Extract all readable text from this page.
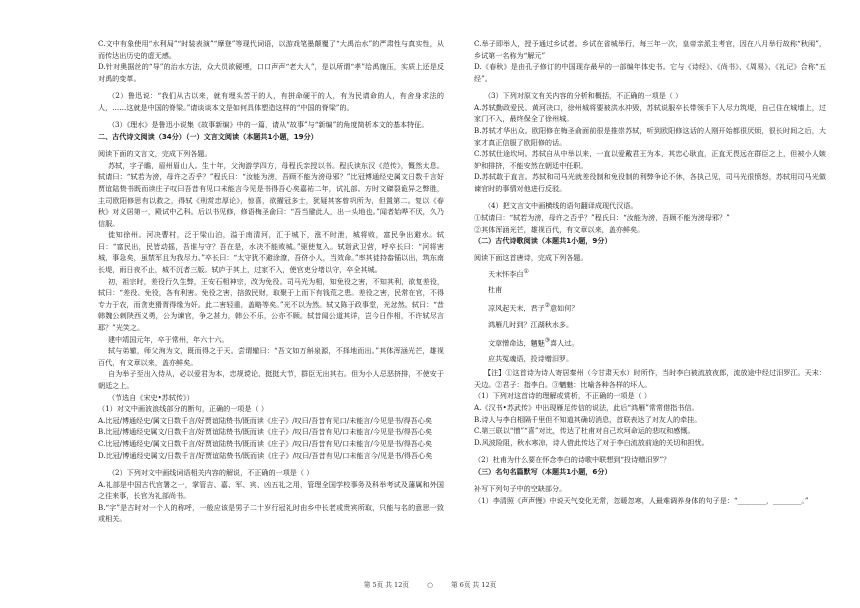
C.文中有象使用“水利局”“时装表演”“摩登”等现代词语，以游戏笔墨颠覆了“大禹治水”的严肃性与真实性，从而传达出历史的虚无感。

D.针对奥据丝的“导”的治水方法，众大员欲硬堙，口口声声“老大人”，是以所谓“孝”给禹施压，实质上还是反对禹的变革。

（2）鲁迅说：“我们从古以来，就有埋头苦干的人，有拼命硬干的人，有为民请命的人，有舍身求法的人，……这就是中国的脊梁。”请谈谈本文是如何具体塑造这样的“中国的脊梁”的。

（3）《理水》是鲁迅小说集《故事新编》中的一篇，请从“故事”与“新编”的角度简析本文的基本特征。

二、古代诗文阅读（34分）（一）文言文阅读（本题共1小题，19分）

阅读下面的文言文，完成下列各题。

苏轼，字子瞻，眉州眉山人。生十年，父洵游学四方，母程氏亲授以书。程氏读东汉《范传》，慨然太息。轼请曰：“轼若为滂，母许之否乎？”程氏曰：“汝能为滂，吾顾不能为滂母邪？”比冠博通经史属文日数千言好贾谊陆贽书既而读庄子叹曰吾昔有见口未能言今见是书得吾心矣嘉祐二年，试礼部。方时文磔裂诡异之弊胜，主司欧阳修思有以救之，得轼《刑赏忠厚论》，惊喜，欲擢冠多士，犹疑其客曾巩所为，但置第二。复以《春秋》对义居第一，殿试中乙科。后以书见修，修语梅圣俞曰：“吾当避此人，出一头地也。”闻者始哗不厌，久乃信服。

徙知徐州。河决曹村，泛于梁山泊，溢于南清河，汇于城下，涨不时泄，城将败，富民争出避水。轼曰：“富民出，民皆动摇，吾谁与守？吾在是，水决不能败城。”驱使复入。轼诣武卫营，呼卒长曰：“河将害城，事急矣，虽禁军且为我尽力。”卒长曰：“太守犹不避涂潦，吾侪小人，当效命。”率其徒持畚锸以出，筑东南长堤，雨日夜不止，城不沉者三版。轼庐于其上，过家不入，使官吏分堵以守，卒全其城。

初，祖宗时，差役行久生弊，王安石相神宗，改为免役。司马光为相，知免役之害，不知其利，欲复差役，轼曰：“差役、免役，各有利害。免役之害，掊敛民财，取聚于上而下有钱荒之患。差役之害，民常在官，不得专力于农，而贪吏猾胥得缘为奸。此二害轻重，盖略等矣。”光不以为然。轼又陈于政事堂，光忿然。轼曰：“昔韩魏公刺陕西义勇，公为谏官，争之甚力，韩公不乐，公亦不顾。轼昔闻公道其详，岂今日作相，不许轼尽言耶？”光笑之。

建中靖国元年，卒于常州，年六十六。

轼与弟辙，师父洵为文，既而得之于天。尝谓辙曰：“吾文如万斛泉源，不择地而出。”其体浑涵光芒，雄视百代，有文章以来，盖亦鲜矣。

自为举子至出入侍从，必以爱君为本，忠规谠论，挺挺大节，群臣无出其右。但为小人忌恶挤排，不使安于朝廷之上。

（节选自《宋史•苏轼传》）

（1）对文中画波浪线部分的断句，正确的一项是（ ）

A.比冠/博通经史/属文日数千言/好贾谊陆贽书/既而读《庄子》/叹曰/吾昔有见口/未能言/今见是书/得吾心矣

B.比冠/博通经史属文/日数千言/好贾谊陆贽书/既而读《庄子》/叹曰/吾昔有见/口未能言/今见是书/得吾心矣

C.比冠/博通经史/属文日数千言/好贾谊陆贽书/既而读《庄子》/叹曰/吾昔有见/口未能言/今见是书/得吾心矣

D.比冠/博通经史属文/日数千言/好贾谊陆贽书/既而读《庄子》/叹曰/吾昔有见/口未能言今/见是书/得吾心矣

（2）下列对文中画线词语相关内容的解说，不正确的一项是（ ）

A.礼部是中国古代官署之一，掌管吉、嘉、军、宾、凶五礼之用，管理全国学校事务及科举考试及藩属和外国之往来事，长官为礼部尚书。

B.“字”是古时对一个人的称呼，一般应该是男子二十岁行冠礼时由乡中长老或贵宾所取，只能与名的意思一致或相关。

C.举子即举人，授予通过乡试者。乡试在省城举行，每三年一次，皇帝亲派主考官，因在八月举行故称“秋闱”，乡试第一名称为“解元”

D.《春秋》是由孔子修订的中国现存最早的一部编年体史书。它与《诗经》、《尚书》、《周易》、《礼记》合称“五经”。

（3）下列对原文有关内容的分析和概括，不正确的一项是（ ）

A.苏轼勤政爱民。黄河决口，徐州城将要被洪水冲毁，苏轼说服卒长带领手下人尽力筑堤，自己住在城墙上，过家门不入，最终保全了徐州城。

B.苏轼才华出众。欧阳修在梅圣俞面前很是推崇苏轼，听到欧阳修这话的人刚开始都很厌烦，很长时间之后，大家才真正信服了欧阳修的话。

C.苏轼仕途坎坷。苏轼自从中举以来，一直以爱戴君王为本，其忠心耿直，正直无畏远在群臣之上，但被小人嫉妒和排挤，不能安然在朝廷中任职。

D.苏轼敢于直言。苏轼和司马光就差役制和免役制的利弊争论不休，各执己见，司马光很愤怒，苏轼用司马光做谏官时的事情对他进行反驳。

（4）把文言文中画横线的语句翻译成现代汉语。

①轼请曰：“轼若为滂，母许之否乎？”程氏曰：“汝能为滂，吾顾不能为滂母邪？”

②其体浑涵光芒，雄视百代，有文章以来，盖亦鲜矣。

（二）古代诗歌阅读（本题共1小题，9分）

阅读下面这首唐诗，完成下列各题。

天末怀李白①

杜甫

凉风起天末，君子②意如何？

鸿雁几时到？江湖秋水多。

文章憎命达，魑魅③喜人过。

应共冤魂语，投诗赠汨罗。

【注】①这首诗为诗人寄居秦州（今甘肃天水）时所作，当时李白被流放夜郎，流放途中经过汨罗江。天末：天边。②君子：指李白。③魑魅：比喻各种各样的坏人。

（1）下列对这首诗的理解或赏析，不正确的一项是（ ）

A.《汉书•苏武传》中出现雁足传信的说法，此后“鸿雁”常常借指书信。

B.诗人与李白相隔千里但不知道其确切消息，首联表达了对友人的牵挂。

C.第三联以“憎”“喜”对比，传达了杜甫对自己坎坷命运的悲叹和感慨。

D.风波险阻，秋水寒凉，诗人借此传达了对于李白流放前途的关切和担忧。

（2）杜甫为什么要在怀念李白的诗歌中联想到“投诗赠汨罗”？

（三）名句名篇默写（本题共1小题，6分）

补写下列句子中的空缺部分。

（1）李清照《声声慢》中说天气变化无常，忽暖忽寒，人最难调养身体的句子是：“________，________。”

第 5页 共 12页	○	第 6页 共 12页
